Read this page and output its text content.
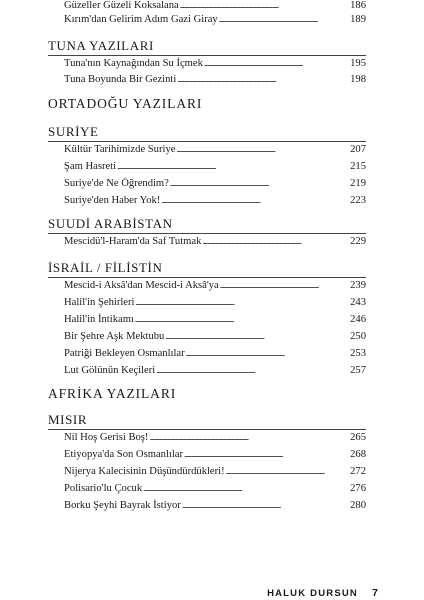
Güzeller Güzeli Koksalana . . .	186
Kırım'dan Gelirim Adım Gazi Giray . . .	189
TUNA YAZILARI
Tuna'nın Kaynağından Su İçmek . . .	195
Tuna Boyunda Bir Gezinti . . .	198
ORTADOĞU YAZILARI
SURİYE
Kültür Tarihimizde Suriye . . .	207
Şam Hasreti . . .	215
Suriye'de Ne Öğrendim? . . .	219
Suriye'den Haber Yok! . . .	223
SUUDİ ARABİSTAN
Mescidü'l-Haram'da Saf Tutmak . . .	229
İSRAİL / FİLİSTİN
Mescid-i Aksâ'dan Mescid-i Aksâ'ya . . .	239
Halil'in Şehirleri . . .	243
Halil'in İntikamı . . .	246
Bir Şehre Aşk Mektubu . . .	250
Patriği Bekleyen Osmanlılar . . .	253
Lut Gölünün Keçileri . . .	257
AFRİKA YAZILARI
MISIR
Nil Hoş Gerisi Boş! . . .	265
Etiyopya'da Son Osmanlılar . . .	268
Nijerya Kalecisinin Düşündürdükleri! . . .	272
Polisario'lu Çocuk . . .	276
Borku Şeyhi Bayrak İstiyor . . .	280
HALUK DURSUN 7
